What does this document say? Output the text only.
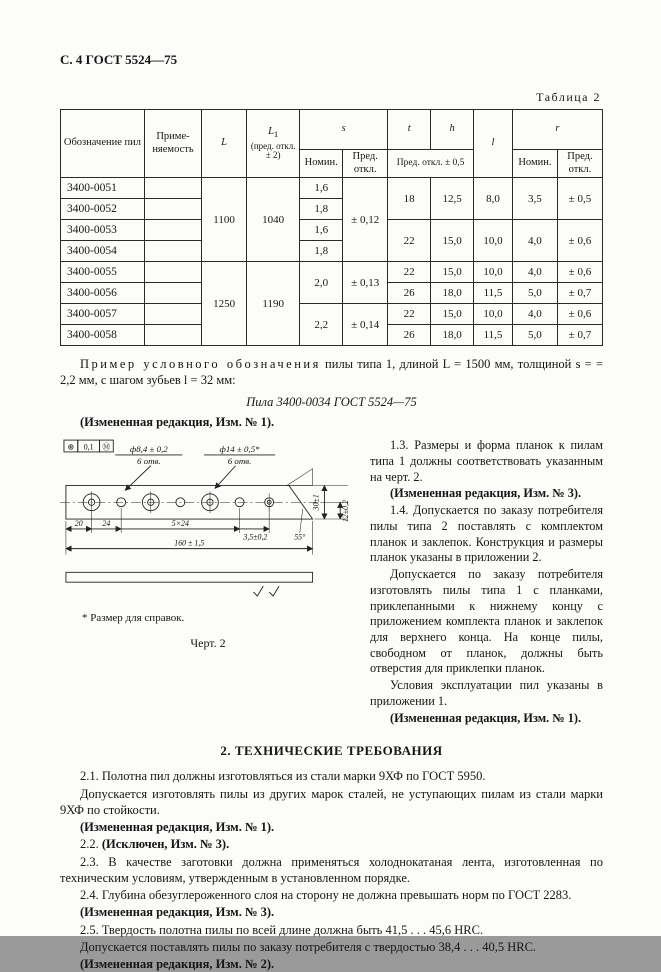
С. 4 ГОСТ 5524—75
Таблица 2
Обозначение пил	Приме-няемость	L	$L_1$
(пред. откл. ± 2)	s		t	h	l	r	
				Номин.	Пред. откл.	Пред. откл. ± 0,5			Номин.	Пред. откл.
3400-0051		1100	1040	1,6	± 0,12	18	12,5	8,0	3,5	± 0,5
3400-0052				1,8						
3400-0053				1,6		22	15,0	10,0	4,0	± 0,6
3400-0054				1,8						
3400-0055		1250	1190	2,0	± 0,13	22	15,0	10,0	4,0	± 0,6
3400-0056						26	18,0	11,5	5,0	± 0,7
3400-0057				2,2	± 0,14	22	15,0	10,0	4,0	± 0,6
3400-0058						26	18,0	11,5	5,0	± 0,7

Пример условного обозначения пилы типа 1, длиной L = 1500 мм, толщиной s = = 2,2 мм, с шагом зубьев l = 32 мм:

Пила 3400-0034 ГОСТ 5524—75

(Измененная редакция, Изм. № 1).

⊕ 0,1 Ⓜ ф8,4 ± 0,2
6 отв.
ф14 ± 0,5*
6 отв.
20 24	5×24
3,5±0,2	55°
160 ± 1,5
30±1	12±0,2
* Размер для справок.
Черт. 2

1.3. Размеры и форма планок к пилам типа 1 должны соответствовать указанным на черт. 2.

(Измененная редакция, Изм. № 3).

1.4. Допускается по заказу потребителя пилы типа 2 поставлять с комплектом планок и заклепок. Конструкция и размеры планок указаны в приложении 2.

Допускается по заказу потребителя изготовлять пилы типа 1 с планками, приклепанными к нижнему концу с приложением комплекта планок и заклепок для верхнего конца. На конце пилы, свободном от планок, должны быть отверстия для приклепки планок.

Условия эксплуатации пил указаны в приложении 1.

(Измененная редакция, Изм. № 1).

2. ТЕХНИЧЕСКИЕ ТРЕБОВАНИЯ

2.1. Полотна пил должны изготовляться из стали марки 9ХФ по ГОСТ 5950.

Допускается изготовлять пилы из других марок сталей, не уступающих пилам из стали марки 9ХФ по стойкости.

(Измененная редакция, Изм. № 1).

2.2. (Исключен, Изм. № 3).

2.3. В качестве заготовки должна применяться холоднокатаная лента, изготовленная по техническим условиям, утвержденным в установленном порядке.

2.4. Глубина обезуглероженного слоя на сторону не должна превышать норм по ГОСТ 2283.

(Измененная редакция, Изм. № 3).

2.5. Твердость полотна пилы по всей длине должна быть 41,5 . . . 45,6 HRC.

Допускается поставлять пилы по заказу потребителя с твердостью 38,4 . . . 40,5 HRC.

(Измененная редакция, Изм. № 2).
